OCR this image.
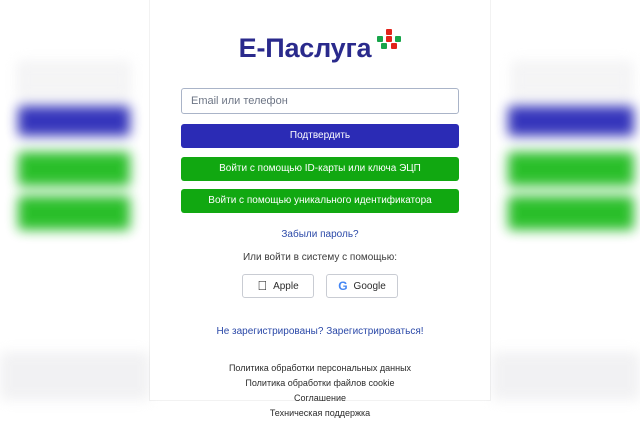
Е-Паслуга
Email или телефон
Подтвердить
Войти с помощью ID-карты или ключа ЭЦП
Войти с помощью уникального идентификатора
Забыли пароль?
Или войти в систему с помощью:
Apple	G Google
Не зарегистрированы? Зарегистрироваться!
Политика обработки персональных данных
Политика обработки файлов cookie
Соглашение
Техническая поддержка
